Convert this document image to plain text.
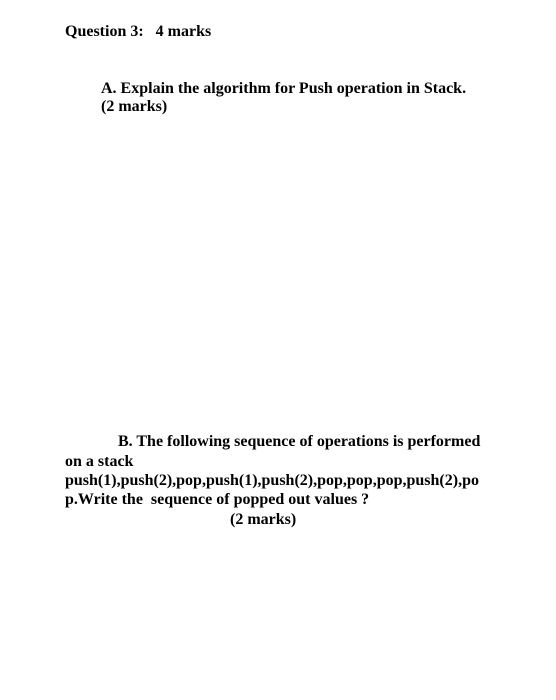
Question 3:   4 marks
A. Explain the algorithm for Push operation in Stack.
(2 marks)
B. The following sequence of operations is performed
on a stack
push(1),push(2),pop,push(1),push(2),pop,pop,pop,push(2),po
p.Write the  sequence of popped out values ?
(2 marks)
